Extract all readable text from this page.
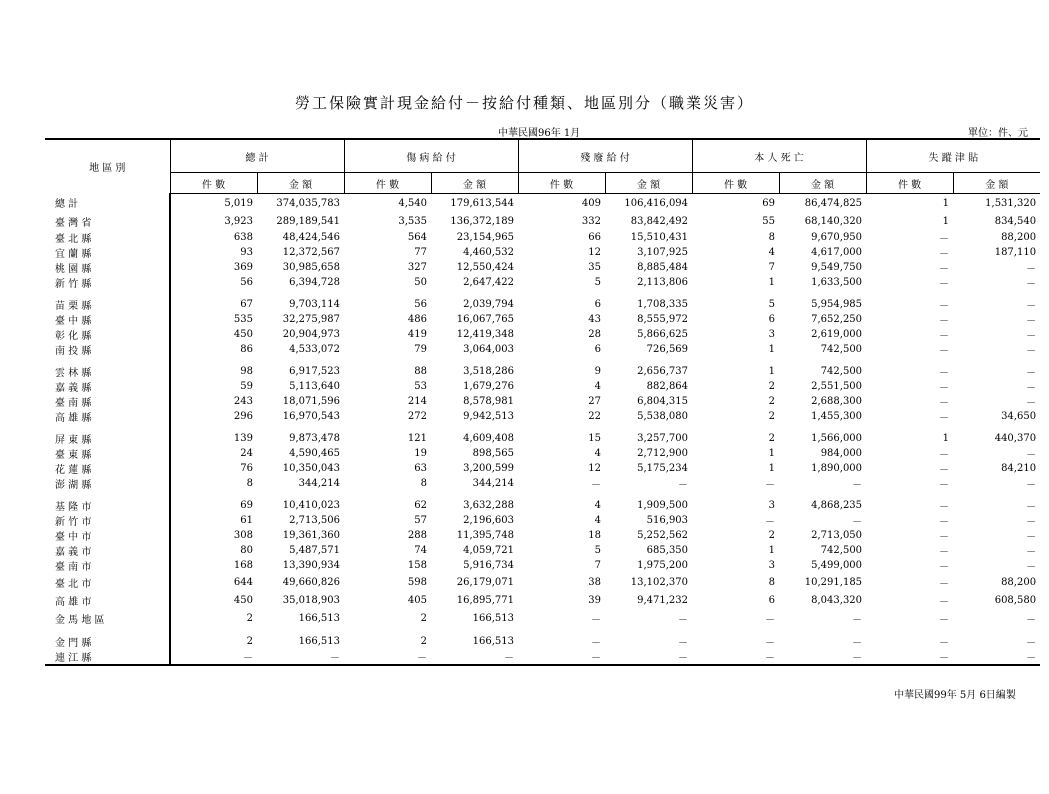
勞工保險實計現金給付－按給付種類、地區別分（職業災害）
中華民國96年 1月	單位：件、元
地 區 別	總 計		傷 病 給 付		殘 廢 給 付		本 人 死 亡		失 蹤 津 貼	
	件 數	金 額	件 數	金 額	件 數	金 額	件 數	金 額	件 數	金 額
總 計	5,019	374,035,783	4,540	179,613,544	409	106,416,094	69	86,474,825	1	1,531,320
臺 灣 省	3,923	289,189,541	3,535	136,372,189	332	83,842,492	55	68,140,320	1	834,540
臺 北 縣	638	48,424,546	564	23,154,965	66	15,510,431	8	9,670,950	－	88,200
宜 蘭 縣	93	12,372,567	77	4,460,532	12	3,107,925	4	4,617,000	－	187,110
桃 園 縣	369	30,985,658	327	12,550,424	35	8,885,484	7	9,549,750	－	－
新 竹 縣	56	6,394,728	50	2,647,422	5	2,113,806	1	1,633,500	－	－
苗 栗 縣	67	9,703,114	56	2,039,794	6	1,708,335	5	5,954,985	－	－
臺 中 縣	535	32,275,987	486	16,067,765	43	8,555,972	6	7,652,250	－	－
彰 化 縣	450	20,904,973	419	12,419,348	28	5,866,625	3	2,619,000	－	－
南 投 縣	86	4,533,072	79	3,064,003	6	726,569	1	742,500	－	－
雲 林 縣	98	6,917,523	88	3,518,286	9	2,656,737	1	742,500	－	－
嘉 義 縣	59	5,113,640	53	1,679,276	4	882,864	2	2,551,500	－	－
臺 南 縣	243	18,071,596	214	8,578,981	27	6,804,315	2	2,688,300	－	－
高 雄 縣	296	16,970,543	272	9,942,513	22	5,538,080	2	1,455,300	－	34,650
屏 東 縣	139	9,873,478	121	4,609,408	15	3,257,700	2	1,566,000	1	440,370
臺 東 縣	24	4,590,465	19	898,565	4	2,712,900	1	984,000	－	－
花 蓮 縣	76	10,350,043	63	3,200,599	12	5,175,234	1	1,890,000	－	84,210
澎 湖 縣	8	344,214	8	344,214	－	－	－	－	－	－
基 隆 市	69	10,410,023	62	3,632,288	4	1,909,500	3	4,868,235	－	－
新 竹 市	61	2,713,506	57	2,196,603	4	516,903	－	－	－	－
臺 中 市	308	19,361,360	288	11,395,748	18	5,252,562	2	2,713,050	－	－
嘉 義 市	80	5,487,571	74	4,059,721	5	685,350	1	742,500	－	－
臺 南 市	168	13,390,934	158	5,916,734	7	1,975,200	3	5,499,000	－	－
臺 北 市	644	49,660,826	598	26,179,071	38	13,102,370	8	10,291,185	－	88,200
高 雄 市	450	35,018,903	405	16,895,771	39	9,471,232	6	8,043,320	－	608,580
金 馬 地 區	2	166,513	2	166,513	－	－	－	－	－	－
金 門 縣	2	166,513	2	166,513	－	－	－	－	－	－
連 江 縣	－	－	－	－	－	－	－	－	－	－
中華民國99年 5月 6日編製
